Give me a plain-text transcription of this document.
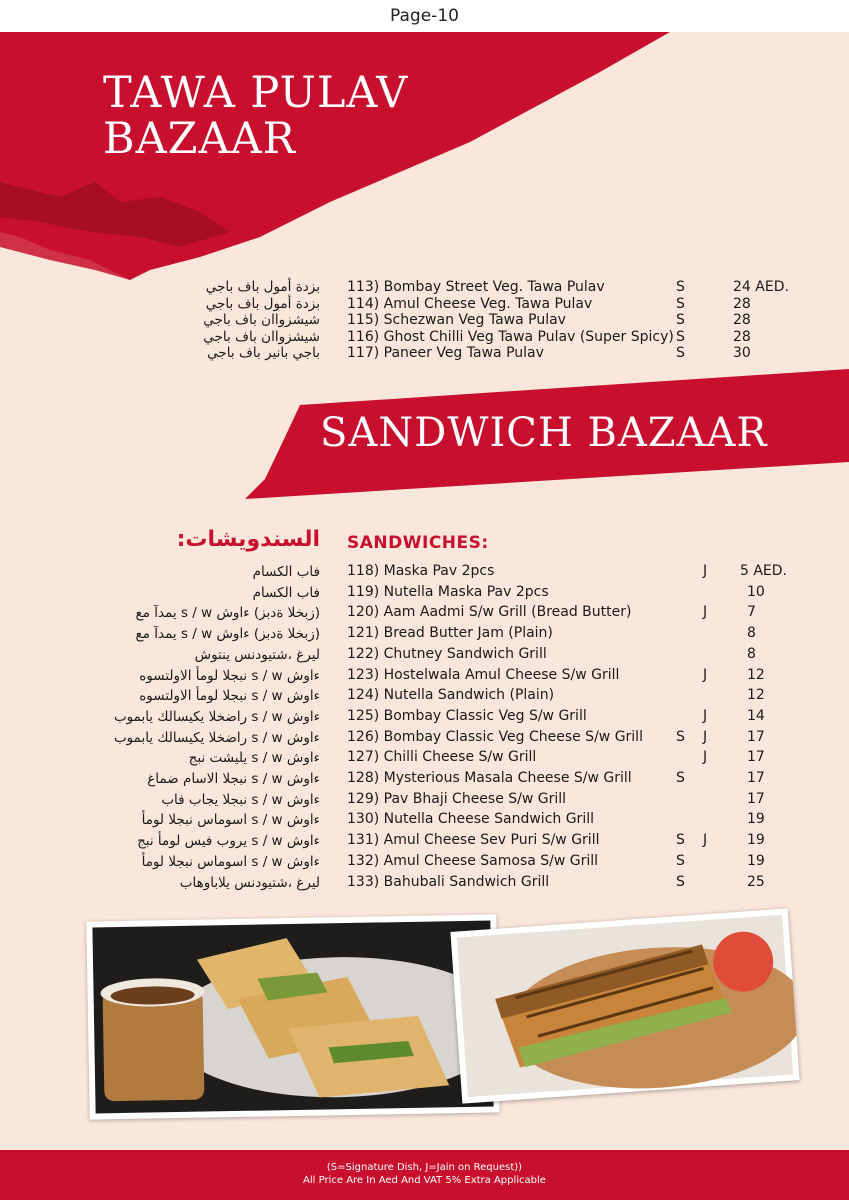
Page-10
TAWA PULAV
BAZAAR
SANDWICH BAZAAR
بزدة أمول باف باجي 113) Bombay Street Veg. Tawa Pulav	S	24 AED.
بزدة أمول باف باجي 114) Amul Cheese Veg. Tawa Pulav	S	28
شيشزواان باف باجي 115) Schezwan Veg Tawa Pulav	S	28
شيشزواان باف باجي 116) Ghost Chilli Veg Tawa Pulav (Super Spicy) S	28
باجي بانير باف باجي 117) Paneer Veg Tawa Pulav	S	30
السندويشات: SANDWICHES:
فاب الكسام 118) Maska Pav 2pcs	J 5 AED.
فاب الكسام 119) Nutella Maska Pav 2pcs	10
(زبخلا ةدبز) ءاوش s / w يمدآ مع 120) Aam Aadmi S/w Grill (Bread Butter)	J	7
(زبخلا ةدبز) ءاوش s / w يمدآ مع 121) Bread Butter Jam (Plain)	8
ليرغ ،شتيودنس ينتوش 122) Chutney Sandwich Grill	8
ءاوش s / w نبجلا لومأ الاولتسوه 123) Hostelwala Amul Cheese S/w Grill	J	12
ءاوش s / w نبجلا لومأ الاولتسوه 124) Nutella Sandwich (Plain)	12
ءاوش s / w راضخلا يكيسالك يابموب 125) Bombay Classic Veg S/w Grill	J	14
ءاوش s / w راضخلا يكيسالك يابموب 126) Bombay Classic Veg Cheese S/w Grill S J	17
ءاوش s / w يليشت نبج 127) Chilli Cheese S/w Grill	J	17
ءاوش s / w نبجلا الاسام ضماغ 128) Mysterious Masala Cheese S/w Grill	S	17
ءاوش s / w نبجلا يجاب فاب 129) Pav Bhaji Cheese S/w Grill	17
ءاوش s / w اسوماس نبجلا لومأ 130) Nutella Cheese Sandwich Grill	19
ءاوش s / w يروب فيس لومأ نبج 131) Amul Cheese Sev Puri S/w Grill	S J	19
ءاوش s / w اسوماس نبجلا لومأ 132) Amul Cheese Samosa S/w Grill	S	19
ليرغ ،شتيودنس يلاباوهاب 133) Bahubali Sandwich Grill	S	25
(S=Signature Dish, J=Jain on Request))
All Price Are In Aed And VAT 5% Extra Applicable
